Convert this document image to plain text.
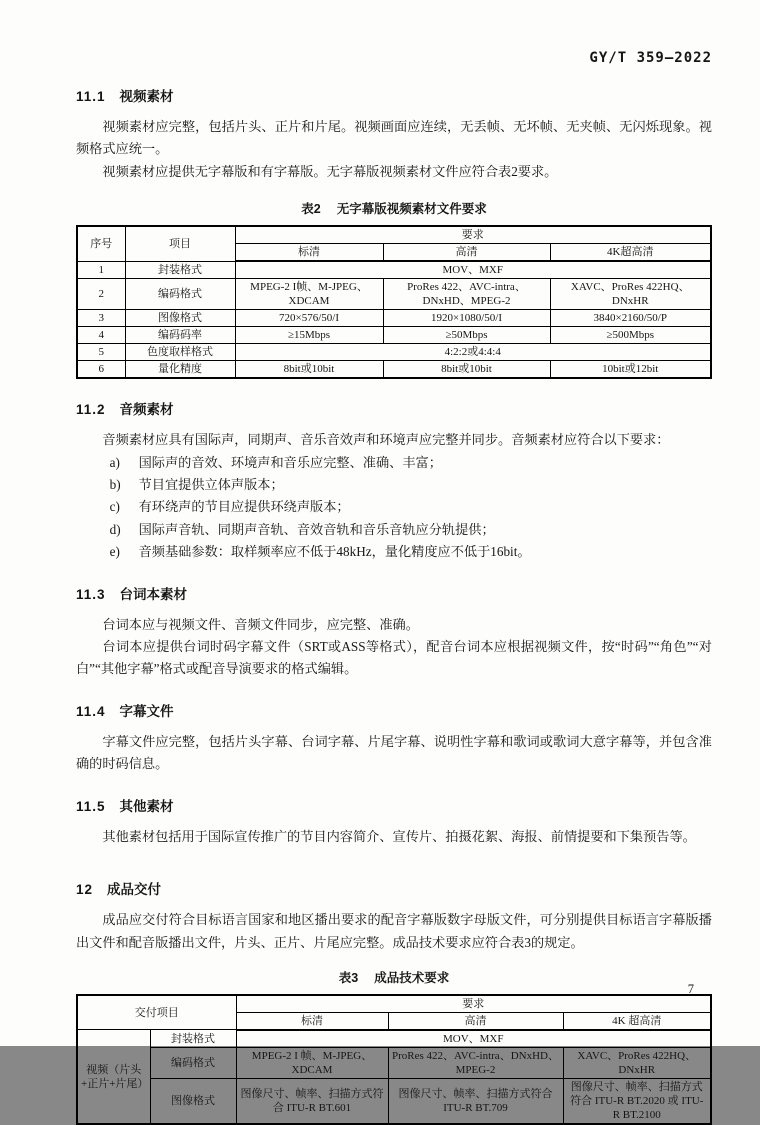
GY/T 359—2022
11.1 视频素材

视频素材应完整，包括片头、正片和片尾。视频画面应连续，无丢帧、无坏帧、无夹帧、无闪烁现象。视频格式应统一。

视频素材应提供无字幕版和有字幕版。无字幕版视频素材文件应符合表2要求。

表2 无字幕版视频素材文件要求
序号	项目	要求		
		标清	高清	4K超高清
1	封装格式	MOV、MXF		
2	编码格式	MPEG-2 I帧、M-JPEG、XDCAM	ProRes 422、AVC-intra、DNxHD、MPEG-2	XAVC、ProRes 422HQ、DNxHR
3	图像格式	720×576/50/I	1920×1080/50/I	3840×2160/50/P
4	编码码率	≥15Mbps	≥50Mbps	≥500Mbps
5	色度取样格式	4:2:2或4:4:4		
6	量化精度	8bit或10bit	8bit或10bit	10bit或12bit
11.2 音频素材

音频素材应具有国际声，同期声、音乐音效声和环境声应完整并同步。音频素材应符合以下要求：

a)	国际声的音效、环境声和音乐应完整、准确、丰富；
b)	节目宜提供立体声版本；
c)	有环绕声的节目应提供环绕声版本；
d)	国际声音轨、同期声音轨、音效音轨和音乐音轨应分轨提供；
e)	音频基础参数：取样频率应不低于48kHz，量化精度应不低于16bit。
11.3 台词本素材

台词本应与视频文件、音频文件同步，应完整、准确。

台词本应提供台词时码字幕文件（SRT或ASS等格式），配音台词本应根据视频文件，按“时码”“角色”“对白”“其他字幕”格式或配音导演要求的格式编辑。

11.4 字幕文件

字幕文件应完整，包括片头字幕、台词字幕、片尾字幕、说明性字幕和歌词或歌词大意字幕等，并包含准确的时码信息。

11.5 其他素材

其他素材包括用于国际宣传推广的节目内容简介、宣传片、拍摄花絮、海报、前情提要和下集预告等。

12 成品交付

成品应交付符合目标语言国家和地区播出要求的配音字幕版数字母版文件，可分别提供目标语言字幕版播出文件和配音版播出文件，片头、正片、片尾应完整。成品技术要求应符合表3的规定。

表3 成品技术要求
交付项目		要求		
		标清	高清	4K 超高清
视频（片头+正片+片尾）	封装格式	MOV、MXF		
	编码格式	MPEG-2 I 帧、M-JPEG、XDCAM	ProRes 422、AVC-intra、DNxHD、MPEG-2	XAVC、ProRes 422HQ、DNxHR
	图像格式	图像尺寸、帧率、扫描方式符合 ITU-R BT.601	图像尺寸、帧率、扫描方式符合 ITU-R BT.709	图像尺寸、帧率、扫描方式符合 ITU-R BT.2020 或 ITU-R BT.2100
7
